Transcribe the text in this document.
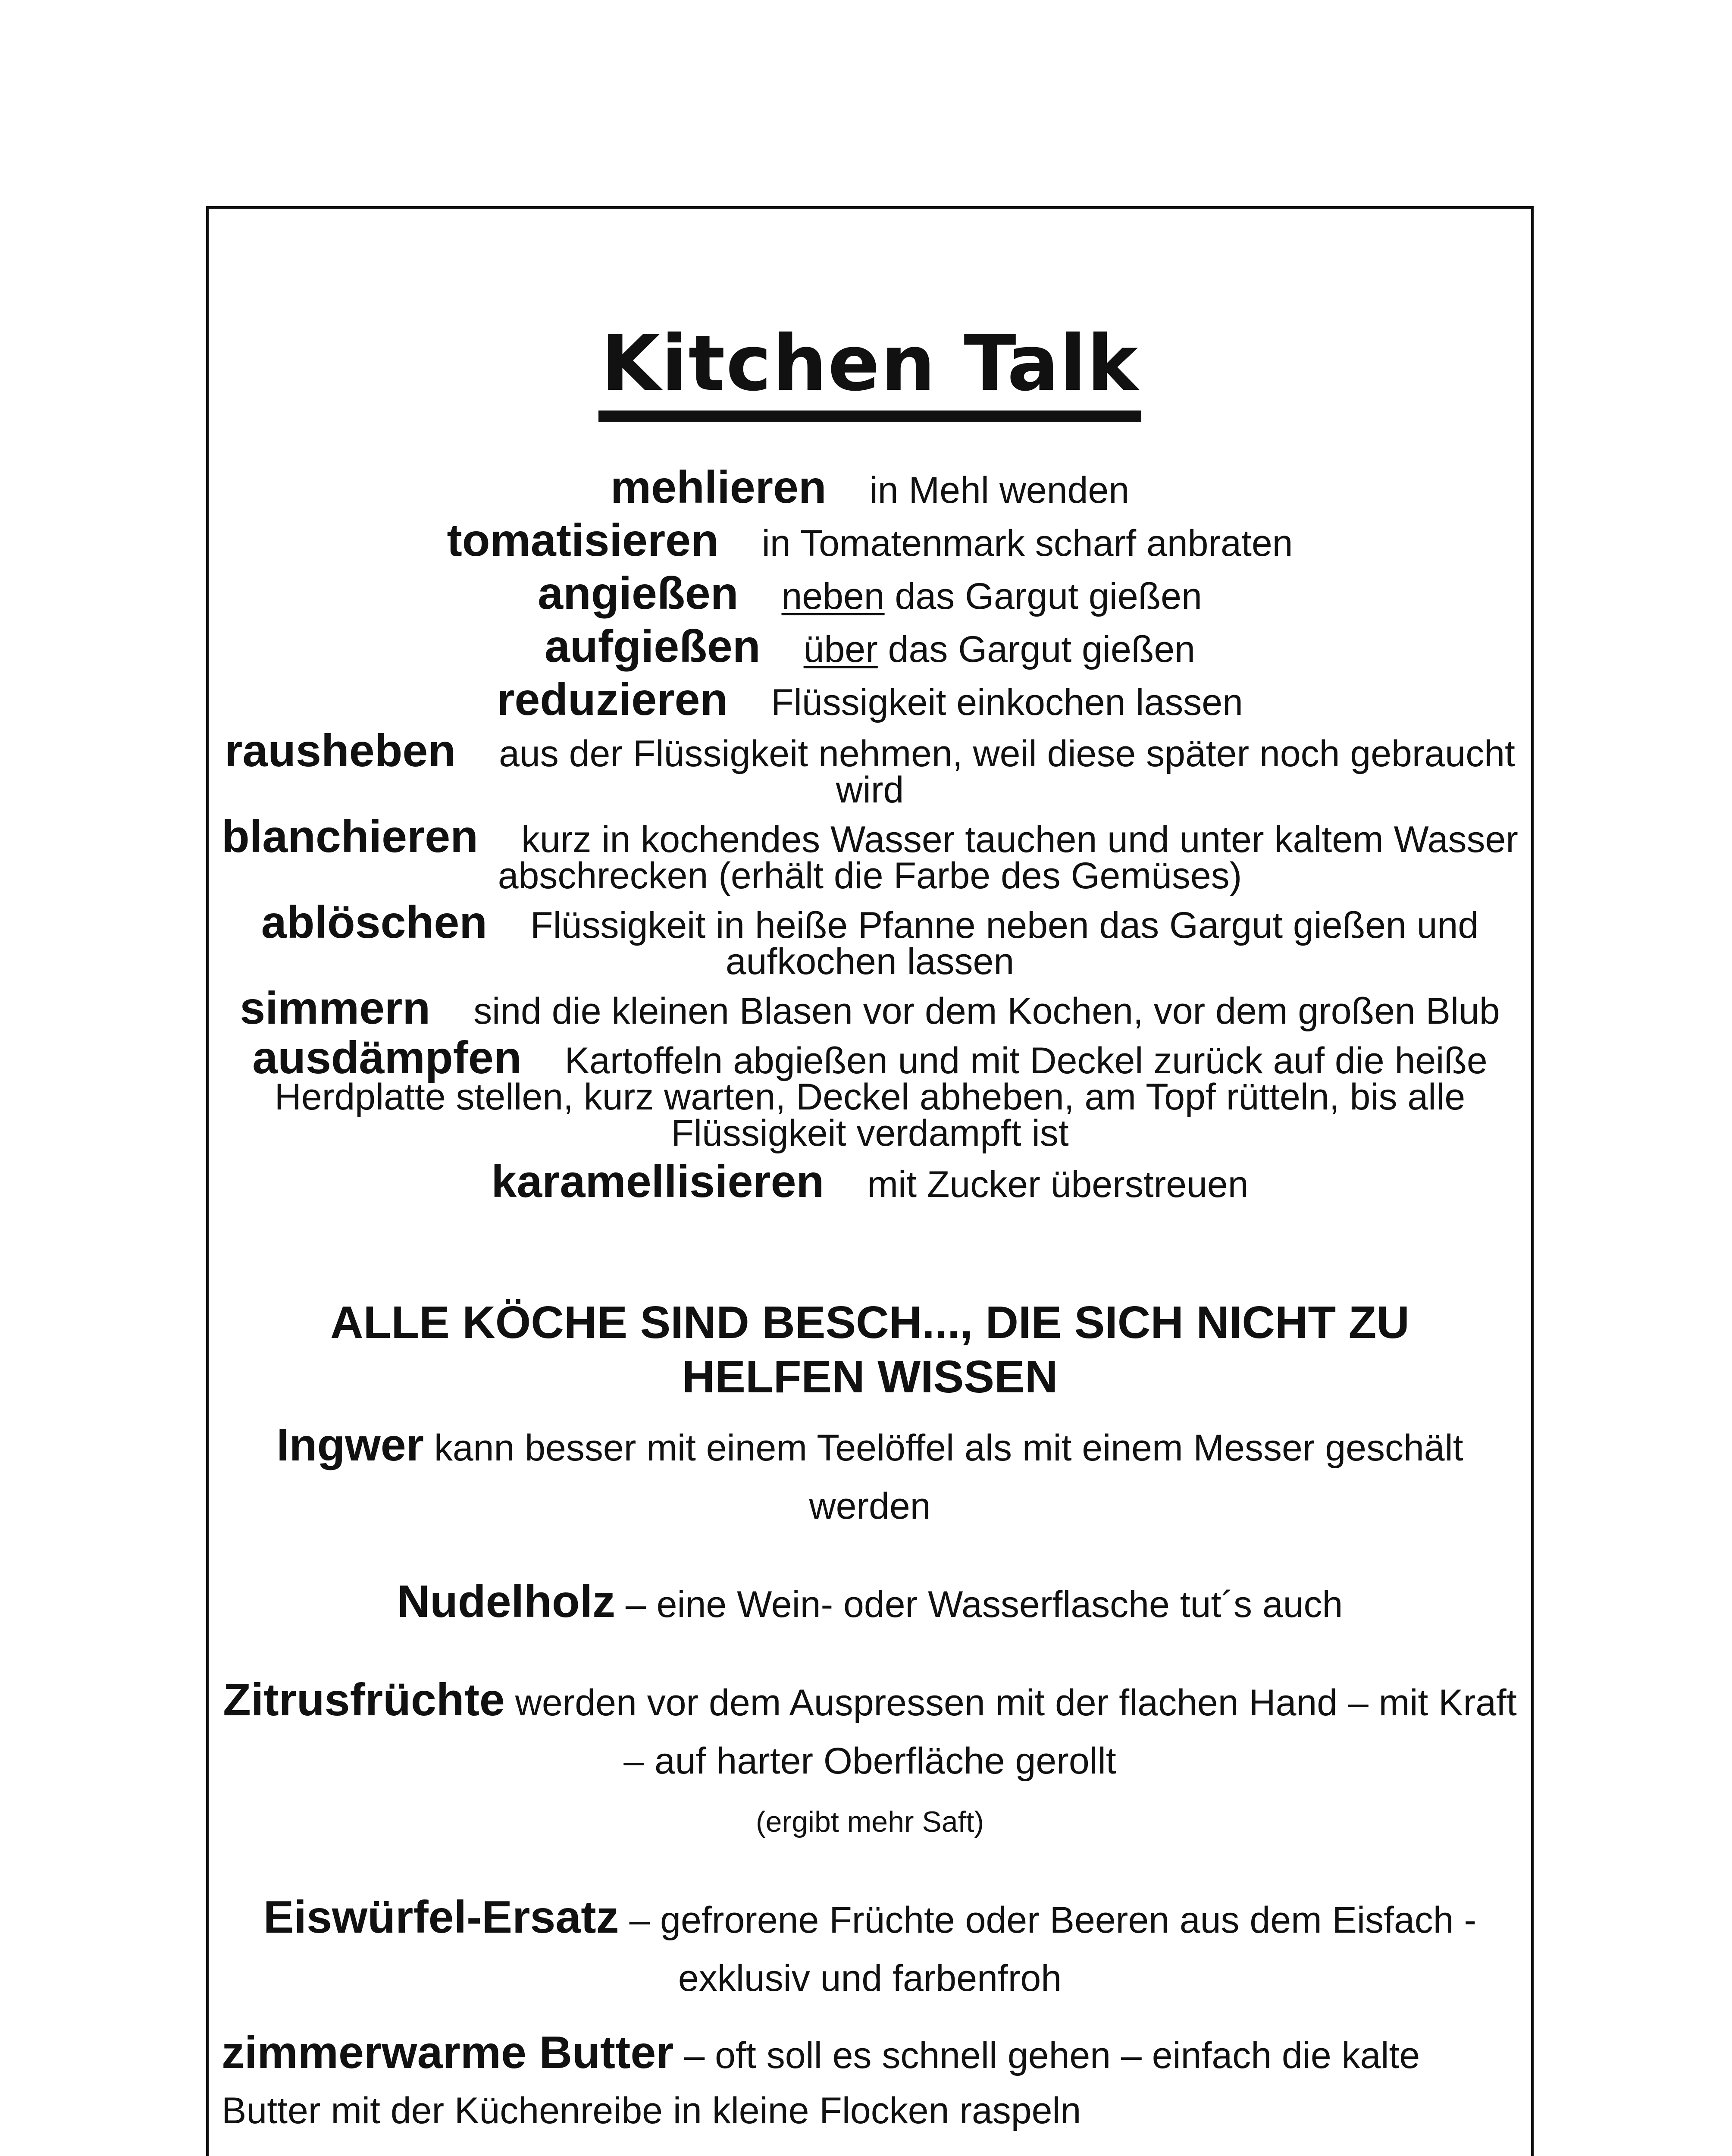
Kitchen Talk

mehlieren in Mehl wenden

tomatisieren in Tomatenmark scharf anbraten

angießen neben das Gargut gießen

aufgießen über das Gargut gießen

reduzieren Flüssigkeit einkochen lassen

rausheben aus der Flüssigkeit nehmen, weil diese später noch gebraucht wird

blanchieren kurz in kochendes Wasser tauchen und unter kaltem Wasser abschrecken (erhält die Farbe des Gemüses)

ablöschen Flüssigkeit in heiße Pfanne neben das Gargut gießen und aufkochen lassen

simmern sind die kleinen Blasen vor dem Kochen, vor dem großen Blub

ausdämpfen Kartoffeln abgießen und mit Deckel zurück auf die heiße Herdplatte stellen, kurz warten, Deckel abheben, am Topf rütteln, bis alle Flüssigkeit verdampft ist

karamellisieren mit Zucker überstreuen

ALLE KÖCHE SIND BESCH..., DIE SICH NICHT ZU HELFEN WISSEN

Ingwer kann besser mit einem Teelöffel als mit einem Messer geschält werden

Nudelholz – eine Wein- oder Wasserflasche tut´s auch

Zitrusfrüchte werden vor dem Auspressen mit der flachen Hand – mit Kraft – auf harter Oberfläche gerollt
(ergibt mehr Saft)

Eiswürfel-Ersatz – gefrorene Früchte oder Beeren aus dem Eisfach - exklusiv und farbenfroh

zimmerwarme Butter – oft soll es schnell gehen – einfach die kalte Butter mit der Küchenreibe in kleine Flocken raspeln
